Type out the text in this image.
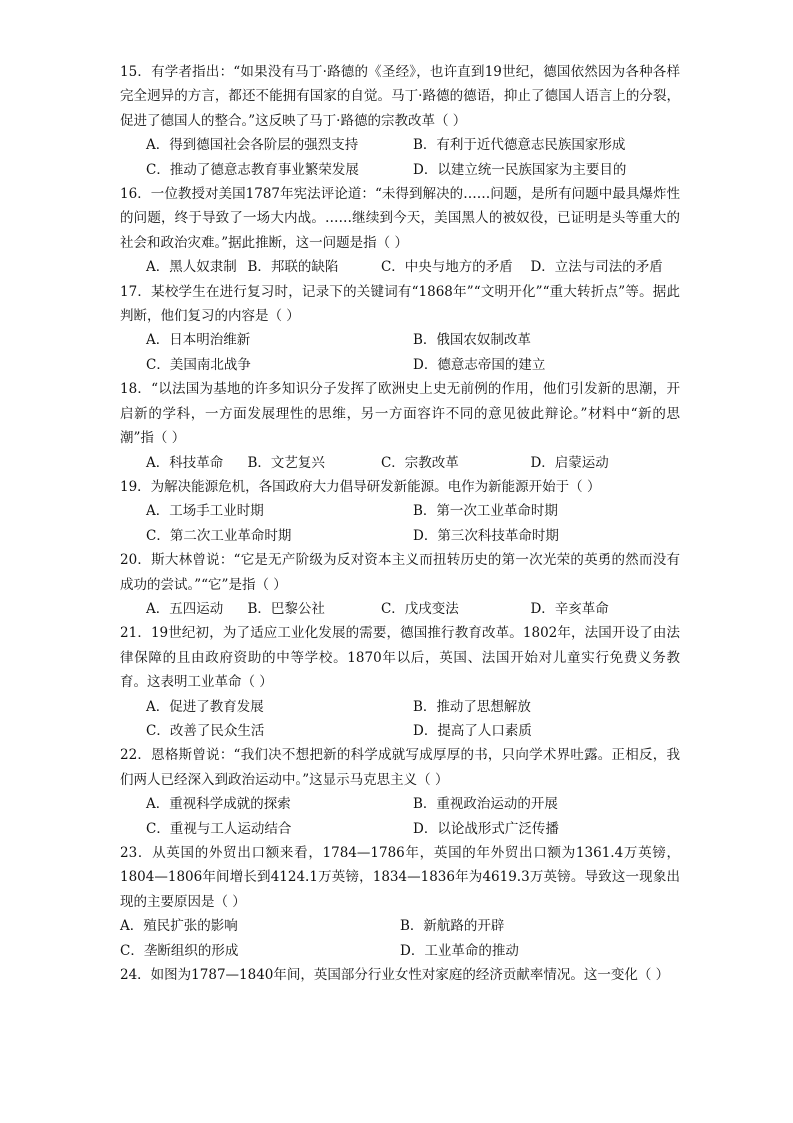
15．有学者指出：“如果没有马丁·路德的《圣经》，也许直到19世纪，德国依然因为各种各样完全迥异的方言，都还不能拥有国家的自觉。马丁·路德的德语，抑止了德国人语言上的分裂，促进了德国人的整合。”这反映了马丁·路德的宗教改革（ ）
A．得到德国社会各阶层的强烈支持	B．有利于近代德意志民族国家形成
C．推动了德意志教育事业繁荣发展	D．以建立统一民族国家为主要目的
16．一位教授对美国1787年宪法评论道：“未得到解决的……问题，是所有问题中最具爆炸性的问题，终于导致了一场大内战。……继续到今天，美国黑人的被奴役，已证明是头等重大的社会和政治灾难。”据此推断，这一问题是指（ ）
A．黑人奴隶制 B．邦联的缺陷	C．中央与地方的矛盾	D．立法与司法的矛盾
17．某校学生在进行复习时，记录下的关键词有“1868年”“文明开化”“重大转折点”等。据此判断，他们复习的内容是（ ）
A．日本明治维新	B．俄国农奴制改革
C．美国南北战争	D．德意志帝国的建立
18．“以法国为基地的许多知识分子发挥了欧洲史上史无前例的作用，他们引发新的思潮，开启新的学科，一方面发展理性的思维，另一方面容许不同的意见彼此辩论。”材料中“新的思潮”指（ ）
A．科技革命	B．文艺复兴	C．宗教改革	D．启蒙运动
19．为解决能源危机，各国政府大力倡导研发新能源。电作为新能源开始于（ ）
A．工场手工业时期	B．第一次工业革命时期
C．第二次工业革命时期	D．第三次科技革命时期
20．斯大林曾说：“它是无产阶级为反对资本主义而扭转历史的第一次光荣的英勇的然而没有成功的尝试。”“它”是指（ ）
A．五四运动	B．巴黎公社	C．戊戌变法	D．辛亥革命
21．19世纪初，为了适应工业化发展的需要，德国推行教育改革。1802年，法国开设了由法律保障的且由政府资助的中等学校。1870年以后，英国、法国开始对儿童实行免费义务教育。这表明工业革命（ ）
A．促进了教育发展	B．推动了思想解放
C．改善了民众生活	D．提高了人口素质
22．恩格斯曾说：“我们决不想把新的科学成就写成厚厚的书，只向学术界吐露。正相反，我们两人已经深入到政治运动中。”这显示马克思主义（ ）
A．重视科学成就的探索	B．重视政治运动的开展
C．重视与工人运动结合	D．以论战形式广泛传播
23．从英国的外贸出口额来看，1784—1786年，英国的年外贸出口额为1361.4万英镑，1804—1806年间增长到4124.1万英镑，1834—1836年为4619.3万英镑。导致这一现象出现的主要原因是（ ）
A．殖民扩张的影响	B．新航路的开辟
C．垄断组织的形成	D．工业革命的推动
24．如图为1787—1840年间，英国部分行业女性对家庭的经济贡献率情况。这一变化（ ）
